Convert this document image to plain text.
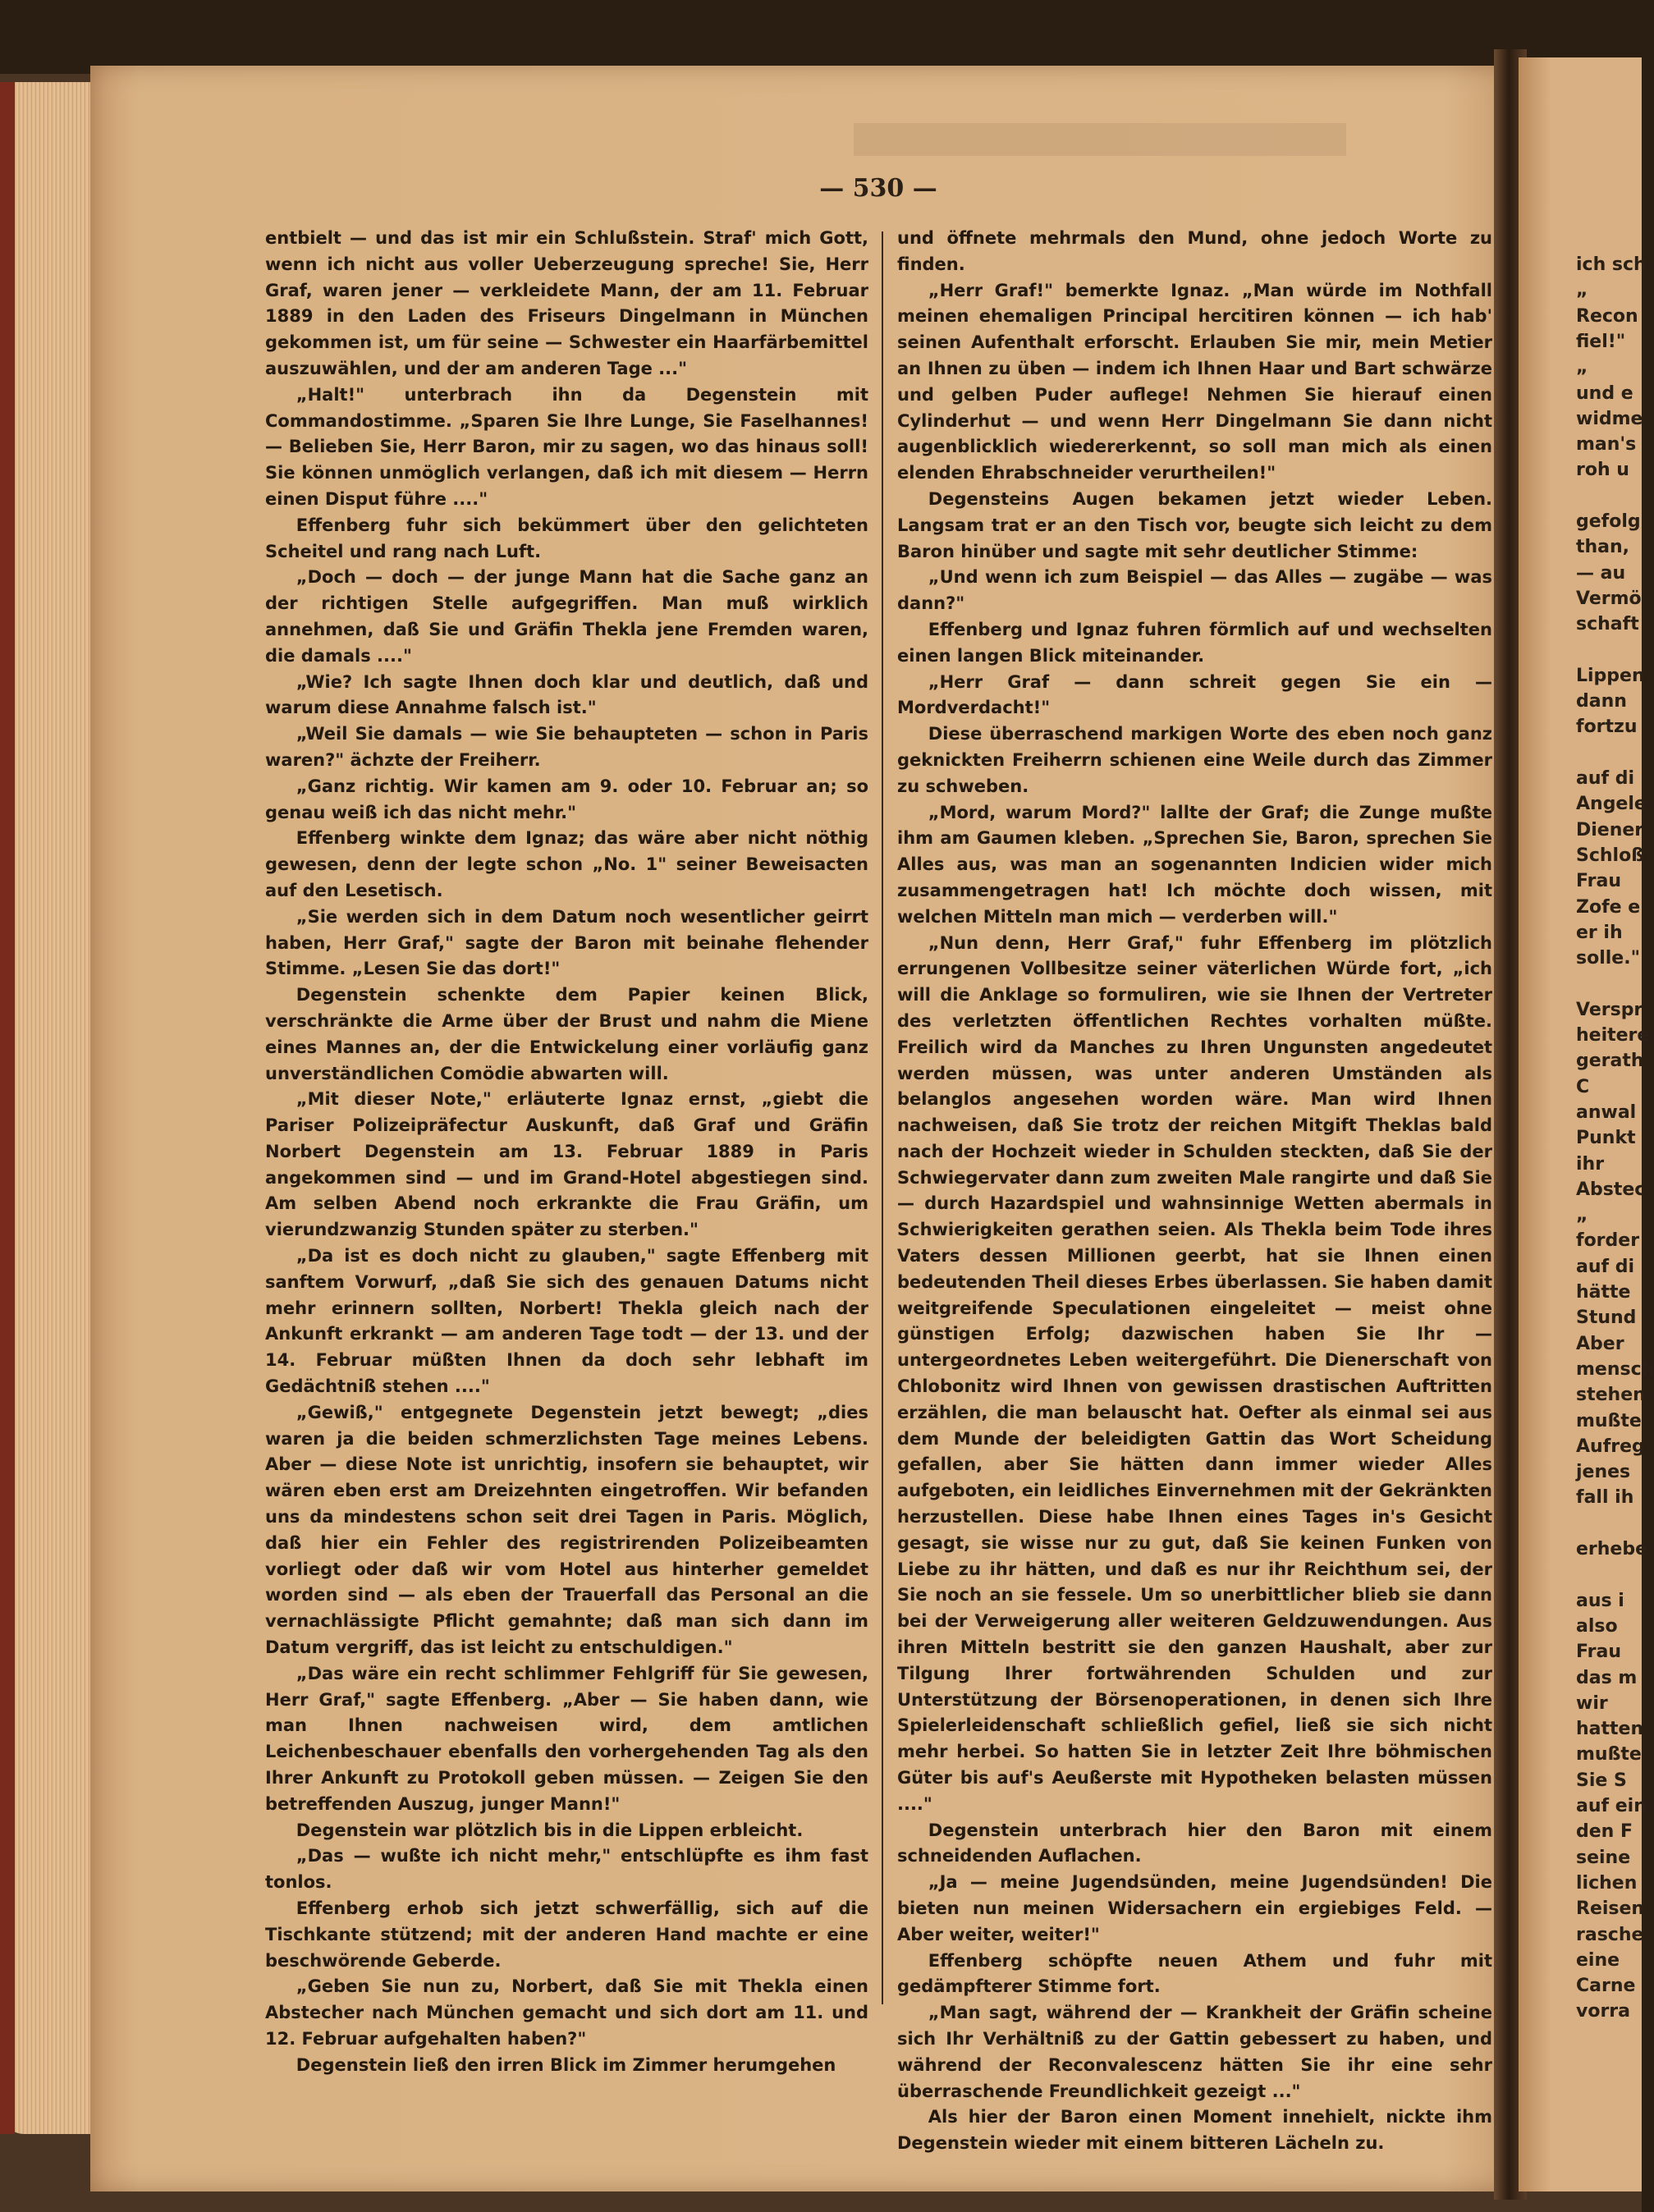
— 530 —

entbielt — und das ist mir ein Schlußstein. Straf' mich Gott, wenn ich nicht aus voller Ueberzeugung spreche! Sie, Herr Graf, waren jener — verkleidete Mann, der am 11. Februar 1889 in den Laden des Friseurs Dingelmann in München gekommen ist, um für seine — Schwester ein Haarfärbemittel auszuwählen, und der am anderen Tage ..."

„Halt!" unterbrach ihn da Degenstein mit Commandostimme. „Sparen Sie Ihre Lunge, Sie Faselhannes! — Belieben Sie, Herr Baron, mir zu sagen, wo das hinaus soll! Sie können unmöglich verlangen, daß ich mit diesem — Herrn einen Disput führe ...."

Effenberg fuhr sich bekümmert über den gelichteten Scheitel und rang nach Luft.

„Doch — doch — der junge Mann hat die Sache ganz an der richtigen Stelle aufgegriffen. Man muß wirklich annehmen, daß Sie und Gräfin Thekla jene Fremden waren, die damals ...."

„Wie? Ich sagte Ihnen doch klar und deutlich, daß und warum diese Annahme falsch ist."

„Weil Sie damals — wie Sie behaupteten — schon in Paris waren?" ächzte der Freiherr.

„Ganz richtig. Wir kamen am 9. oder 10. Februar an; so genau weiß ich das nicht mehr."

Effenberg winkte dem Ignaz; das wäre aber nicht nöthig gewesen, denn der legte schon „No. 1" seiner Beweisacten auf den Lesetisch.

„Sie werden sich in dem Datum noch wesentlicher geirrt haben, Herr Graf," sagte der Baron mit beinahe flehender Stimme. „Lesen Sie das dort!"

Degenstein schenkte dem Papier keinen Blick, verschränkte die Arme über der Brust und nahm die Miene eines Mannes an, der die Entwickelung einer vorläufig ganz unverständlichen Comödie abwarten will.

„Mit dieser Note," erläuterte Ignaz ernst, „giebt die Pariser Polizeipräfectur Auskunft, daß Graf und Gräfin Norbert Degenstein am 13. Februar 1889 in Paris angekommen sind — und im Grand-Hotel abgestiegen sind. Am selben Abend noch erkrankte die Frau Gräfin, um vierundzwanzig Stunden später zu sterben."

„Da ist es doch nicht zu glauben," sagte Effenberg mit sanftem Vorwurf, „daß Sie sich des genauen Datums nicht mehr erinnern sollten, Norbert! Thekla gleich nach der Ankunft erkrankt — am anderen Tage todt — der 13. und der 14. Februar müßten Ihnen da doch sehr lebhaft im Gedächtniß stehen ...."

„Gewiß," entgegnete Degenstein jetzt bewegt; „dies waren ja die beiden schmerzlichsten Tage meines Lebens. Aber — diese Note ist unrichtig, insofern sie behauptet, wir wären eben erst am Dreizehnten eingetroffen. Wir befanden uns da mindestens schon seit drei Tagen in Paris. Möglich, daß hier ein Fehler des registrirenden Polizeibeamten vorliegt oder daß wir vom Hotel aus hinterher gemeldet worden sind — als eben der Trauerfall das Personal an die vernachlässigte Pflicht gemahnte; daß man sich dann im Datum vergriff, das ist leicht zu entschuldigen."

„Das wäre ein recht schlimmer Fehlgriff für Sie gewesen, Herr Graf," sagte Effenberg. „Aber — Sie haben dann, wie man Ihnen nachweisen wird, dem amtlichen Leichenbeschauer ebenfalls den vorhergehenden Tag als den Ihrer Ankunft zu Protokoll geben müssen. — Zeigen Sie den betreffenden Auszug, junger Mann!"

Degenstein war plötzlich bis in die Lippen erbleicht.

„Das — wußte ich nicht mehr," entschlüpfte es ihm fast tonlos.

Effenberg erhob sich jetzt schwerfällig, sich auf die Tischkante stützend; mit der anderen Hand machte er eine beschwörende Geberde.

„Geben Sie nun zu, Norbert, daß Sie mit Thekla einen Abstecher nach München gemacht und sich dort am 11. und 12. Februar aufgehalten haben?"

Degenstein ließ den irren Blick im Zimmer herumgehen

und öffnete mehrmals den Mund, ohne jedoch Worte zu finden.

„Herr Graf!" bemerkte Ignaz. „Man würde im Nothfall meinen ehemaligen Principal hercitiren können — ich hab' seinen Aufenthalt erforscht. Erlauben Sie mir, mein Metier an Ihnen zu üben — indem ich Ihnen Haar und Bart schwärze und gelben Puder auflege! Nehmen Sie hierauf einen Cylinderhut — und wenn Herr Dingelmann Sie dann nicht augenblicklich wiedererkennt, so soll man mich als einen elenden Ehrabschneider verurtheilen!"

Degensteins Augen bekamen jetzt wieder Leben. Langsam trat er an den Tisch vor, beugte sich leicht zu dem Baron hinüber und sagte mit sehr deutlicher Stimme:

„Und wenn ich zum Beispiel — das Alles — zugäbe — was dann?"

Effenberg und Ignaz fuhren förmlich auf und wechselten einen langen Blick miteinander.

„Herr Graf — dann schreit gegen Sie ein — Mordverdacht!"

Diese überraschend markigen Worte des eben noch ganz geknickten Freiherrn schienen eine Weile durch das Zimmer zu schweben.

„Mord, warum Mord?" lallte der Graf; die Zunge mußte ihm am Gaumen kleben. „Sprechen Sie, Baron, sprechen Sie Alles aus, was man an sogenannten Indicien wider mich zusammengetragen hat! Ich möchte doch wissen, mit welchen Mitteln man mich — verderben will."

„Nun denn, Herr Graf," fuhr Effenberg im plötzlich errungenen Vollbesitze seiner väterlichen Würde fort, „ich will die Anklage so formuliren, wie sie Ihnen der Vertreter des verletzten öffentlichen Rechtes vorhalten müßte. Freilich wird da Manches zu Ihren Ungunsten angedeutet werden müssen, was unter anderen Umständen als belanglos angesehen worden wäre. Man wird Ihnen nachweisen, daß Sie trotz der reichen Mitgift Theklas bald nach der Hochzeit wieder in Schulden steckten, daß Sie der Schwiegervater dann zum zweiten Male rangirte und daß Sie — durch Hazardspiel und wahnsinnige Wetten abermals in Schwierigkeiten gerathen seien. Als Thekla beim Tode ihres Vaters dessen Millionen geerbt, hat sie Ihnen einen bedeutenden Theil dieses Erbes überlassen. Sie haben damit weitgreifende Speculationen eingeleitet — meist ohne günstigen Erfolg; dazwischen haben Sie Ihr — untergeordnetes Leben weitergeführt. Die Dienerschaft von Chlobonitz wird Ihnen von gewissen drastischen Auftritten erzählen, die man belauscht hat. Oefter als einmal sei aus dem Munde der beleidigten Gattin das Wort Scheidung gefallen, aber Sie hätten dann immer wieder Alles aufgeboten, ein leidliches Einvernehmen mit der Gekränkten herzustellen. Diese habe Ihnen eines Tages in's Gesicht gesagt, sie wisse nur zu gut, daß Sie keinen Funken von Liebe zu ihr hätten, und daß es nur ihr Reichthum sei, der Sie noch an sie fessele. Um so unerbittlicher blieb sie dann bei der Verweigerung aller weiteren Geldzuwendungen. Aus ihren Mitteln bestritt sie den ganzen Haushalt, aber zur Tilgung Ihrer fortwährenden Schulden und zur Unterstützung der Börsenoperationen, in denen sich Ihre Spielerleidenschaft schließlich gefiel, ließ sie sich nicht mehr herbei. So hatten Sie in letzter Zeit Ihre böhmischen Güter bis auf's Aeußerste mit Hypotheken belasten müssen ...."

Degenstein unterbrach hier den Baron mit einem schneidenden Auflachen.

„Ja — meine Jugendsünden, meine Jugendsünden! Die bieten nun meinen Widersachern ein ergiebiges Feld. — Aber weiter, weiter!"

Effenberg schöpfte neuen Athem und fuhr mit gedämpfterer Stimme fort.

„Man sagt, während der — Krankheit der Gräfin scheine sich Ihr Verhältniß zu der Gattin gebessert zu haben, und während der Reconvalescenz hätten Sie ihr eine sehr überraschende Freundlichkeit gezeigt ..."

Als hier der Baron einen Moment innehielt, nickte ihm Degenstein wieder mit einem bitteren Lächeln zu.

ich sch
„
Recon
fiel!"
„
und e
widme
man's
roh u
gefolg
than,
— au
Vermö
schaft
Lippen
dann
fortzu
auf di
Angele
Diener
Schloß
Frau
Zofe e
er ih
solle."
Verspr
heitere
gerath
C
anwal
Punkt
ihr
Abstec
„
forder
auf di
hätte
Stund
Aber
mensch
stehen
mußte
Aufreg
jenes
fall ih
erhebe
aus i
also
Frau
das m
wir
hatten
mußte
Sie S
auf ein
den F
seine
lichen
Reisen
rasche
eine
Carne
vorra
